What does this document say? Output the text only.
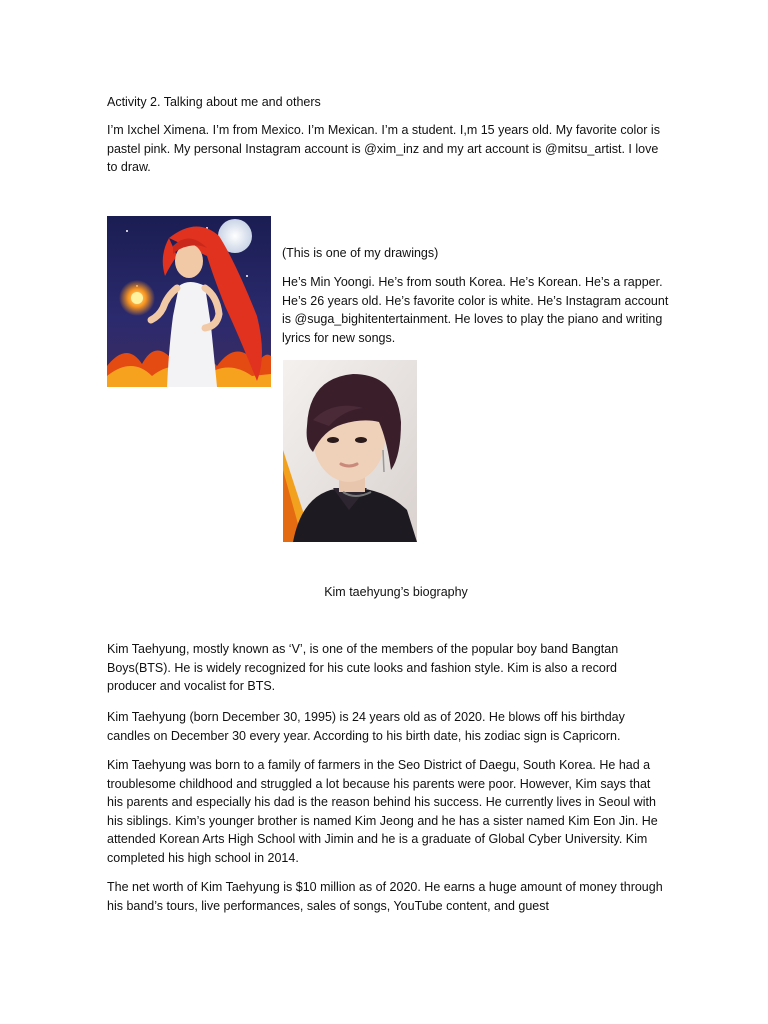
Activity 2. Talking about me and others

I’m Ixchel Ximena. I’m from Mexico. I’m Mexican. I’m a student. I,m 15 years old. My favorite color is pastel pink. My personal Instagram account is @xim_inz and my art account is @mitsu_artist. I love to draw.

(This is one of my drawings)

He’s Min Yoongi. He’s from south Korea. He’s Korean. He’s a rapper. He’s 26 years old. He’s favorite color is white. He’s Instagram account is @suga_bighitentertainment. He loves to play the piano and writing lyrics for new songs.

Kim taehyung’s biography

Kim Taehyung, mostly known as ‘V’, is one of the members of the popular boy band Bangtan Boys(BTS). He is widely recognized for his cute looks and fashion style. Kim is also a record producer and vocalist for BTS.

Kim Taehyung (born December 30, 1995) is 24 years old as of 2020. He blows off his birthday candles on December 30 every year. According to his birth date, his zodiac sign is Capricorn.

Kim Taehyung was born to a family of farmers in the Seo District of Daegu, South Korea. He had a troublesome childhood and struggled a lot because his parents were poor. However, Kim says that his parents and especially his dad is the reason behind his success. He currently lives in Seoul with his siblings. Kim’s younger brother is named Kim Jeong and he has a sister named Kim Eon Jin. He attended Korean Arts High School with Jimin and he is a graduate of Global Cyber University. Kim completed his high school in 2014.

The net worth of Kim Taehyung is $10 million as of 2020. He earns a huge amount of money through his band’s tours, live performances, sales of songs, YouTube content, and guest
